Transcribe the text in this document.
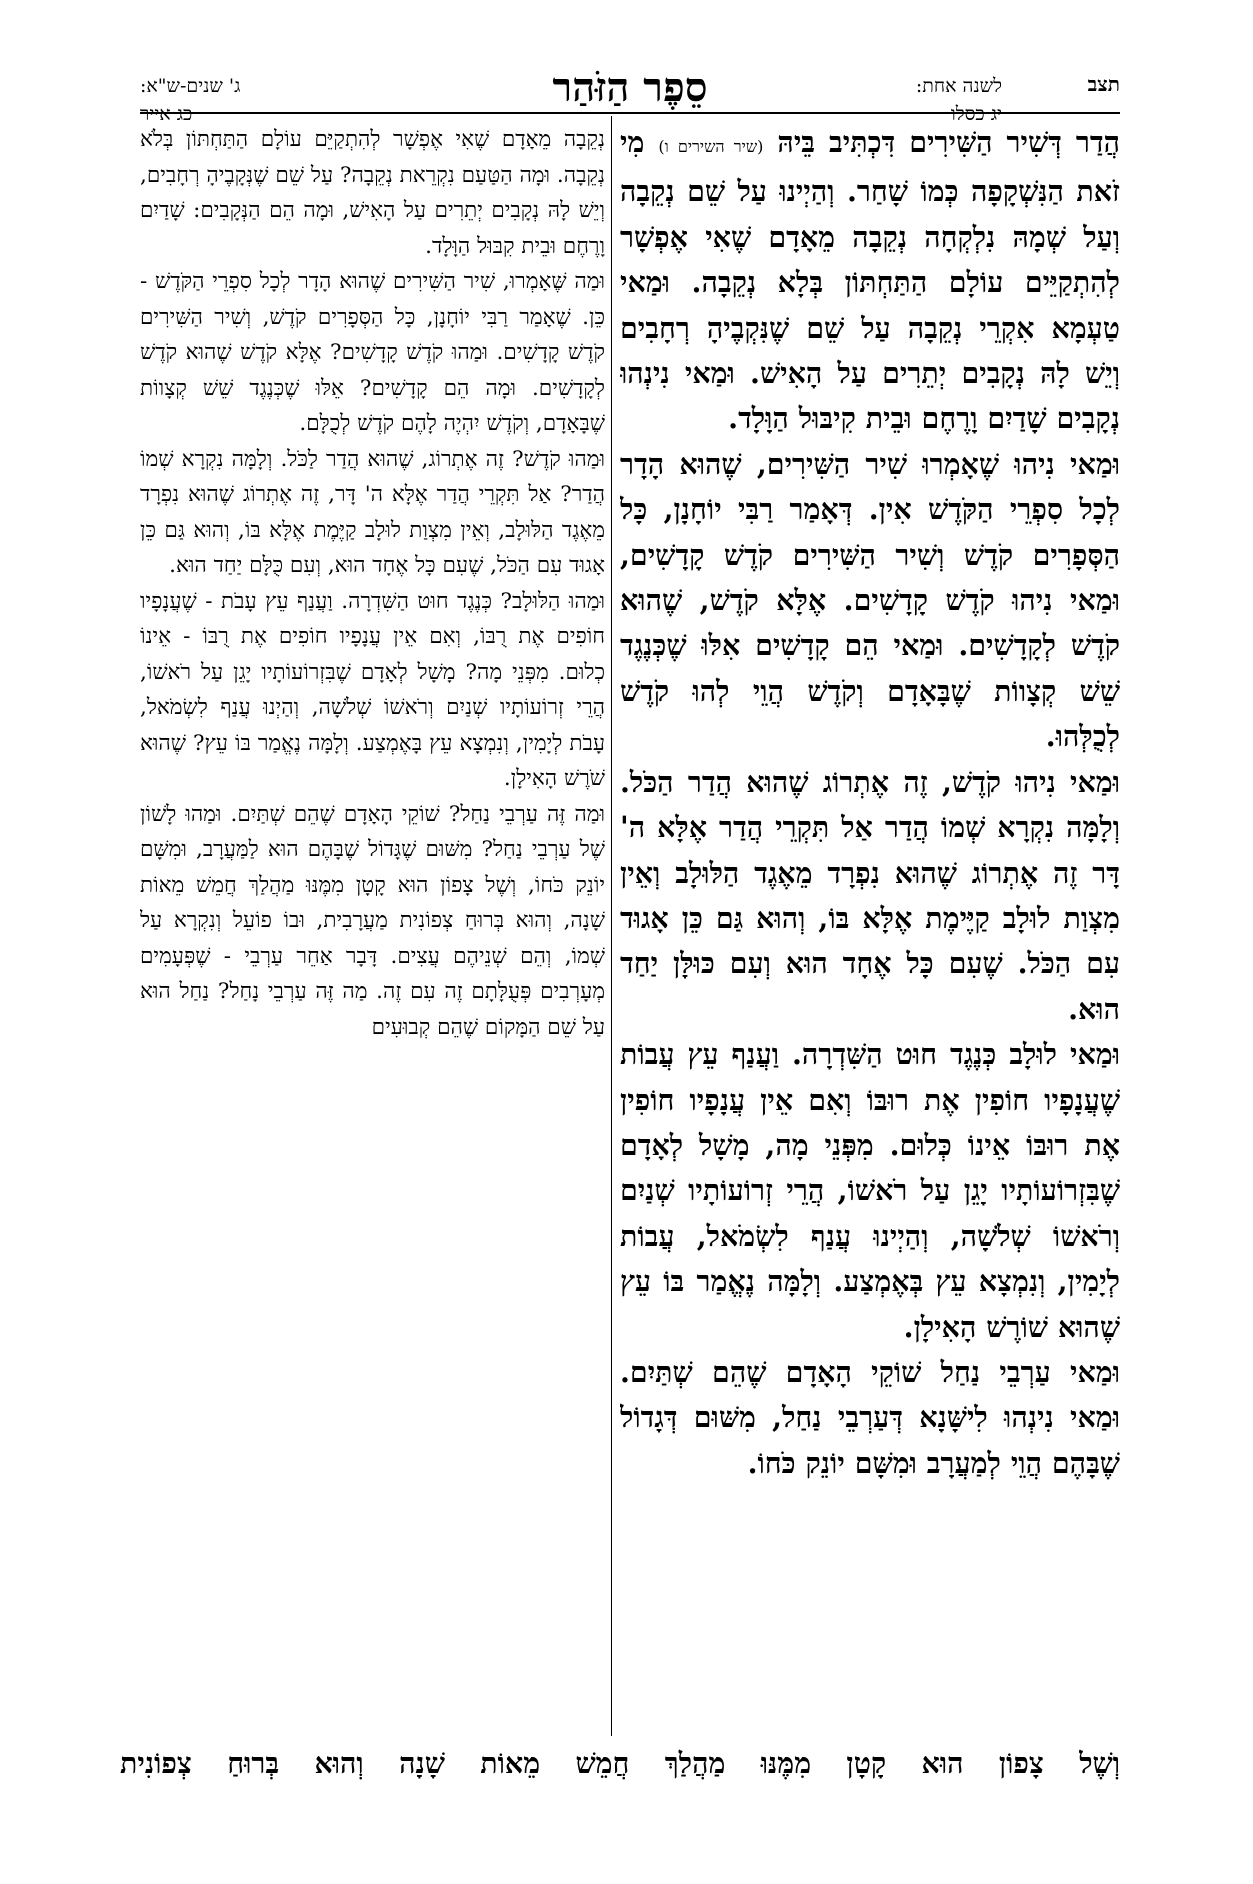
תצב
לשנה אחת:
יג כסלו
סֵפֶר הַזֹּהַר
ג' שנים-ש"א:
כג אייר

הֲדַר דְּשִׁיר הַשִּׁירִים דִּכְתִּיב בֵּיהּ (שיר השירים ו) מִי זֹאת הַנִּשְׁקָפָה כְּמוֹ שָׁחַר. וְהַיְינוּ עַל שֵׁם נְקֵבָה וְעַל שְׁמָהּ נִלְקְחָה נְקֵבָה מֵאָדָם שֶׁאִי אֶפְשָׁר לְהִתְקַיֵּים עוֹלָם הַתַּחְתּוֹן בְּלָא נְקֵבָה. וּמַאי טַעְמָא אִקְרֵי נְקֵבָה עַל שֵׁם שֶׁנִּקְבֶיהָ רְחָבִים וְיֵשׁ לָהּ נְקָבִים יְתֵרִים עַל הָאִישׁ. וּמַאי נִינְהוּ נְקָבִים שָׁדַיִם וָרֶחֶם וּבֵית קִיבּוּל הַוָּלָד.

וּמַאי נִיהוּ שֶׁאָמְרוּ שִׁיר הַשִּׁירִים, שֶׁהוּא הָדָר לְכָל סִפְרֵי הַקֹּדֶשׁ אִין. דְּאָמַר רַבִּי יוֹחָנָן, כָּל הַסְּפָרִים קֹדֶשׁ וְשִׁיר הַשִּׁירִים קֹדֶשׁ קָדָשִׁים, וּמַאי נִיהוּ קֹדֶשׁ קָדָשִׁים. אֶלָּא קֹדֶשׁ, שֶׁהוּא קֹדֶשׁ לְקָדָשִׁים. וּמַאי הֵם קָדָשִׁים אִלּוּ שֶׁכְּנֶגֶד שֵׁשׁ קְצָווֹת שֶׁבָּאָדָם וְקֹדֶשׁ הֲוֵי לְהוּ קֹדֶשׁ לְכֻלְּהוּ.

וּמַאי נִיהוּ קֹדֶשׁ, זֶה אֶתְרוֹג שֶׁהוּא הֲדַר הַכֹּל. וְלָמָּה נִקְרָא שְׁמוֹ הֲדַר אַל תִּקְרֵי הֲדַר אֶלָּא ה' דָּר זֶה אֶתְרוֹג שֶׁהוּא נִפְרָד מֵאֶגֶד הַלּוּלָב וְאֵין מִצְוַת לוּלָב קַיֶּימֶת אֶלָּא בּוֹ, וְהוּא גַּם כֵּן אָגוּד עִם הַכֹּל. שֶׁעִם כָּל אֶחָד הוּא וְעִם כּוּלָּן יַחַד הוּא.

וּמַאי לוּלָב כְּנֶגֶד חוּט הַשִּׁדְרָה. וַעֲנַף עֵץ עֲבוֹת שֶׁעֲנָפָיו חוֹפִין אֶת רוּבּוֹ וְאִם אֵין עֲנָפָיו חוֹפִין אֶת רוּבּוֹ אֵינוֹ כְּלוּם. מִפְּנֵי מָה, מָשָׁל לְאָדָם שֶׁבִּזְרוֹעוֹתָיו יָגֵן עַל רֹאשׁוֹ, הֲרֵי זְרוֹעוֹתָיו שְׁנַיִם וְרֹאשׁוֹ שְׁלֹשָׁה, וְהַיְינוּ עֲנַף לִשְׂמֹאל, עֲבוֹת לְיָמִין, וְנִמְצָא עֵץ בְּאֶמְצַע. וְלָמָּה נֶאֱמַר בּוֹ עֵץ שֶׁהוּא שׁוֹרֶשׁ הָאִילָן.

וּמַאי עַרְבֵי נַחַל שׁוֹקֵי הָאָדָם שֶׁהֵם שְׁתַּיִם. וּמַאי נִינְהוּ לִישָּׁנָא דְּעַרְבֵי נַחַל, מִשּׁוּם דְּגָדוֹל שֶׁבָּהֶם הֲוֵי לְמַעֲרָב וּמִשָּׁם יוֹנֵק כֹּחוֹ.

נְקֵבָה מֵאָדָם שֶׁאִי אֶפְשָׁר לְהִתְקַיֵּם עוֹלָם הַתַּחְתּוֹן בְּלֹא נְקֵבָה. וּמָה הַטַּעַם נִקְרֵאת נְקֵבָה? עַל שֵׁם שֶׁנְּקָבֶיהָ רְחָבִים, וְיֵשׁ לָהּ נְקָבִים יְתֵרִים עַל הָאִישׁ, וּמָה הֵם הַנְּקָבִים: שָׁדַיִם וָרֶחֶם וּבֵית קִבּוּל הַוָּלָד.

וּמַה שֶּׁאָמְרוּ, שִׁיר הַשִּׁירִים שֶׁהוּא הָדָר לְכָל סִפְרֵי הַקֹּדֶשׁ - כֵּן. שֶׁאָמַר רַבִּי יוֹחָנָן, כָּל הַסְּפָרִים קֹדֶשׁ, וְשִׁיר הַשִּׁירִים קֹדֶשׁ קָדָשִׁים. וּמַהוּ קֹדֶשׁ קָדָשִׁים? אֶלָּא קֹדֶשׁ שֶׁהוּא קֹדֶשׁ לְקָדָשִׁים. וּמָה הֵם קָדָשִׁים? אֵלּוּ שֶׁכְּנֶגֶד שֵׁשׁ קְצָווֹת שֶׁבָּאָדָם, וְקֹדֶשׁ יִהְיֶה לָהֶם קֹדֶשׁ לְכֻלָּם.

וּמַהוּ קֹדֶשׁ? זֶה אֶתְרוֹג, שֶׁהוּא הֲדַר לַכֹּל. וְלָמָּה נִקְרָא שְׁמוֹ הֲדַר? אַל תִּקְרֵי הֲדַר אֶלָּא ה' דָּר, זֶה אֶתְרוֹג שֶׁהוּא נִפְרָד מֵאֶגֶד הַלּוּלָב, וְאֵין מִצְוַת לוּלָב קַיֶּמֶת אֶלָּא בּוֹ, וְהוּא גַּם כֵּן אָגוּד עִם הַכֹּל, שֶׁעִם כָּל אֶחָד הוּא, וְעִם כֻּלָּם יַחַד הוּא.

וּמַהוּ הַלּוּלָב? כְּנֶגֶד חוּט הַשִּׁדְרָה. וַעֲנַף עֵץ עָבֹת - שֶׁעֲנָפָיו חוֹפִים אֶת רֻבּוֹ, וְאִם אֵין עֲנָפָיו חוֹפִים אֶת רֻבּוֹ - אֵינוֹ כְלוּם. מִפְּנֵי מָה? מָשָׁל לְאָדָם שֶׁבִּזְרוֹעוֹתָיו יָגֵן עַל רֹאשׁוֹ, הֲרֵי זְרוֹעוֹתָיו שְׁנַיִם וְרֹאשׁוֹ שְׁלֹשָׁה, וְהַיְנוּ עֲנַף לִשְׂמֹאל, עָבֹת לְיָמִין, וְנִמְצָא עֵץ בָּאֶמְצַע. וְלָמָּה נֶאֱמַר בּוֹ עֵץ? שֶׁהוּא שֹׁרֶשׁ הָאִילָן.

וּמַה זֶּה עַרְבֵי נַחַל? שׁוֹקֵי הָאָדָם שֶׁהֵם שְׁתַּיִם. וּמַהוּ לָשׁוֹן שֶׁל עַרְבֵי נַחַל? מִשּׁוּם שֶׁגָּדוֹל שֶׁבָּהֶם הוּא לַמַּעֲרָב, וּמִשָּׁם יוֹנֵק כֹּחוֹ, וְשֶׁל צָפוֹן הוּא קָטָן מִמֶּנּוּ מַהֲלַךְ חֲמֵשׁ מֵאוֹת שָׁנָה, וְהוּא בְּרוּחַ צְפוֹנִית מַעֲרָבִית, וּבוֹ פוֹעֵל וְנִקְרָא עַל שְׁמוֹ, וְהֵם שְׁנֵיהֶם עֲצִים. דָּבָר אַחֵר עַרְבֵי - שֶׁפְּעָמִים מְעָרְבִים פְּעֻלָּתָם זֶה עִם זֶה. מַה זֶּה עַרְבֵי נָחַל? נַחַל הוּא עַל שֵׁם הַמָּקוֹם שֶׁהֵם קְבוּעִים

וְשֶׁל צָפוֹן הוּא קָטָן מִמֶּנּוּ מַהֲלַךְ חֲמֵשׁ מֵאוֹת שָׁנָה וְהוּא בְּרוּחַ צְפוֹנִית
